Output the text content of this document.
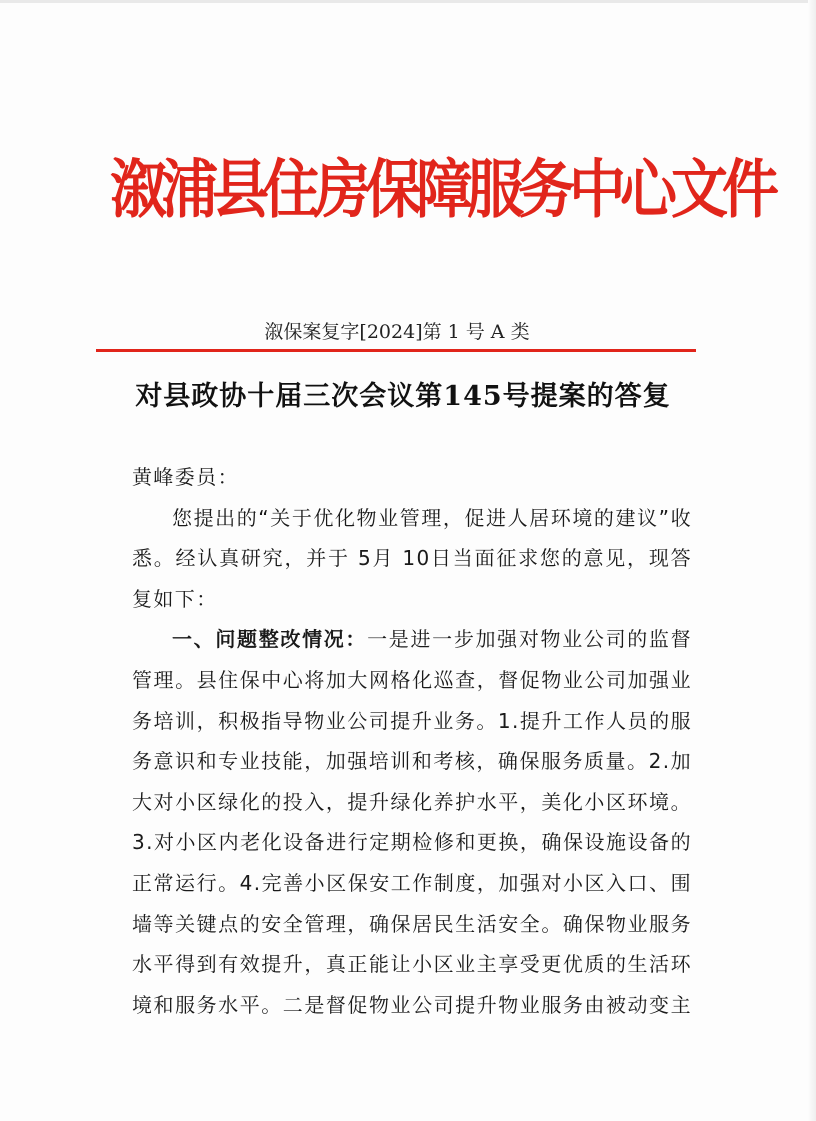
溆浦县住房保障服务中心文件
溆保案复字[2024]第 1 号 A 类
对县政协十届三次会议第145号提案的答复

黄峰委员：

您提出的“关于优化物业管理，促进人居环境的建议”收悉。经认真研究，并于 5月 10日当面征求您的意见，现答复如下：

一、问题整改情况：一是进一步加强对物业公司的监督管理。县住保中心将加大网格化巡查，督促物业公司加强业务培训，积极指导物业公司提升业务。1.提升工作人员的服务意识和专业技能，加强培训和考核，确保服务质量。2.加大对小区绿化的投入，提升绿化养护水平，美化小区环境。3.对小区内老化设备进行定期检修和更换，确保设施设备的正常运行。4.完善小区保安工作制度，加强对小区入口、围墙等关键点的安全管理，确保居民生活安全。确保物业服务水平得到有效提升，真正能让小区业主享受更优质的生活环境和服务水平。二是督促物业公司提升物业服务由被动变主
